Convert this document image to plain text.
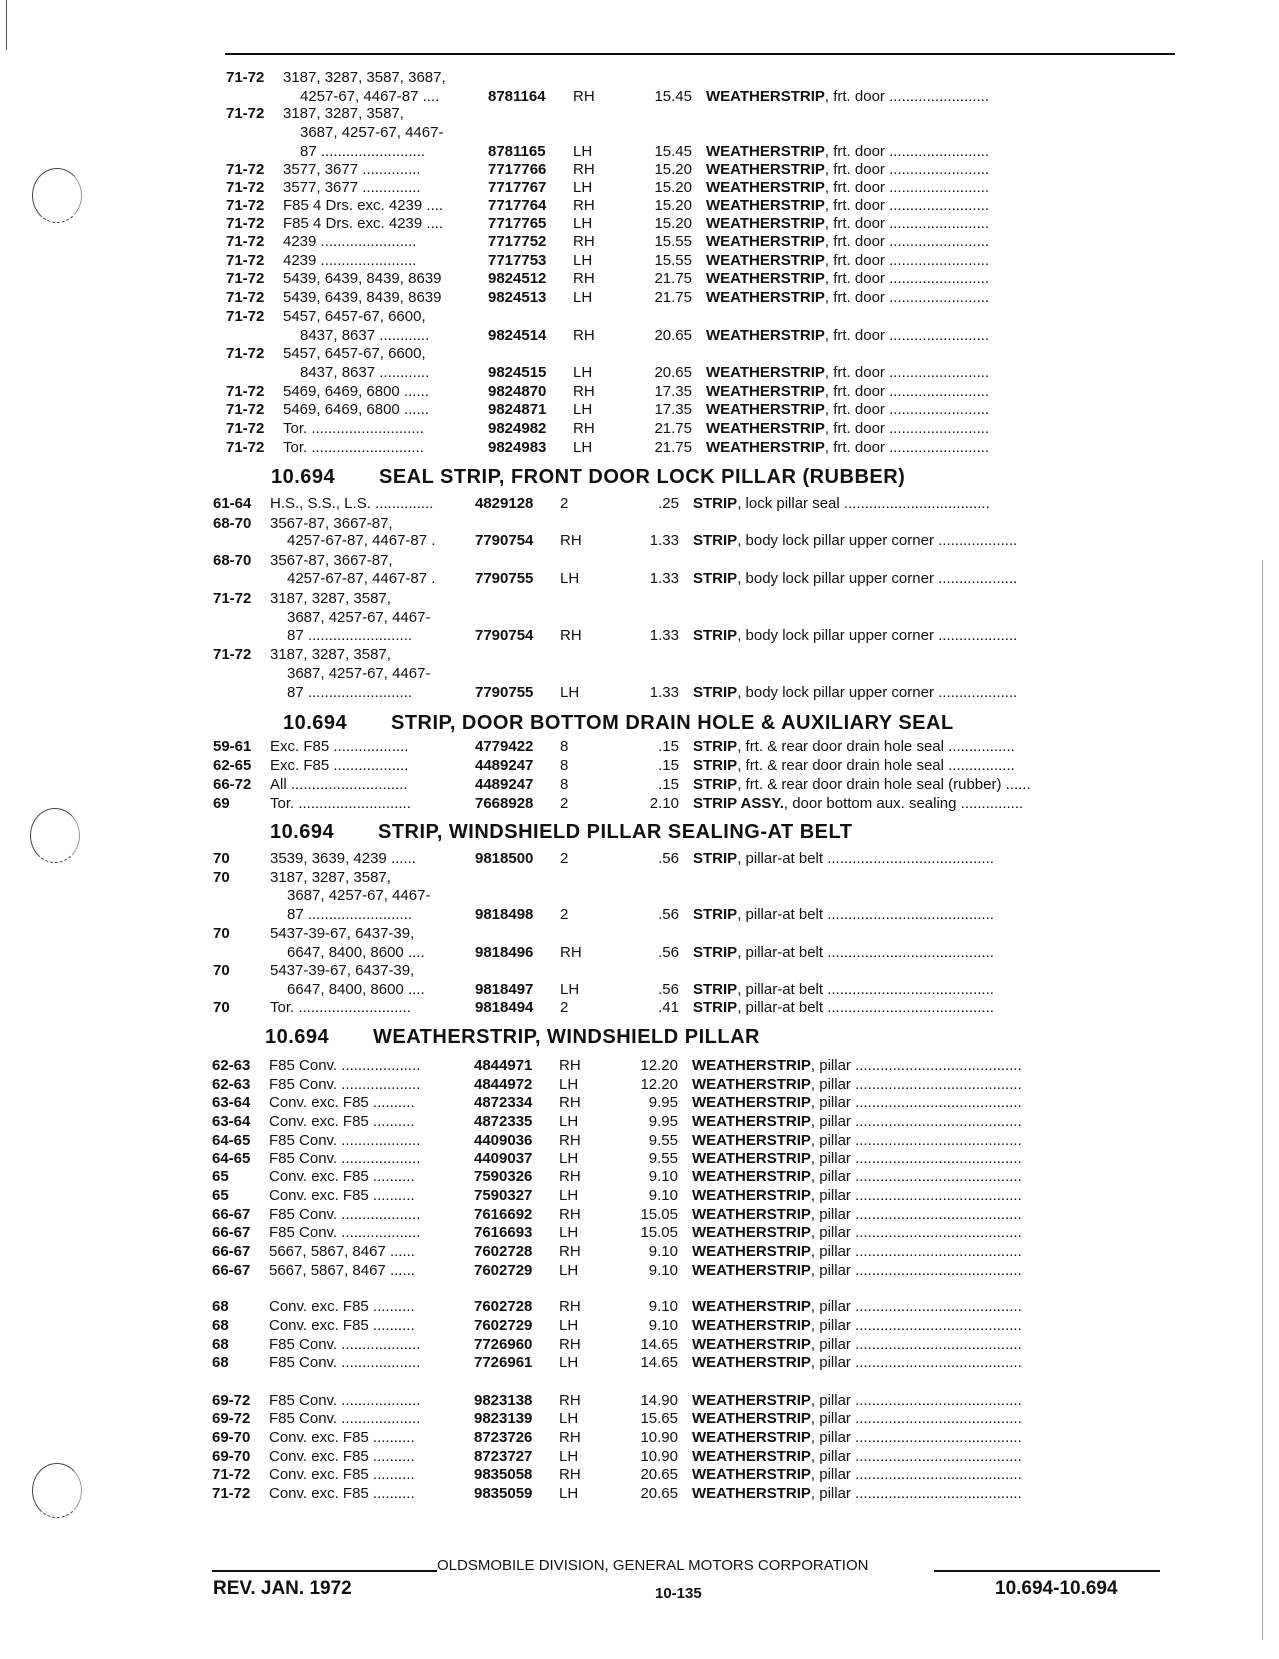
71-72	3187, 3287, 3587, 3687,
4257-67, 4467-87 ....	8781164	RH	15.45 WEATHERSTRIP, frt. door ........................
71-72	3187, 3287, 3587,
3687, 4257-67, 4467-
87 .........................	8781165	LH	15.45 WEATHERSTRIP, frt. door ........................
71-72	3577, 3677 ..............	7717766	RH	15.20 WEATHERSTRIP, frt. door ........................
71-72	3577, 3677 ..............	7717767	LH	15.20 WEATHERSTRIP, frt. door ........................
71-72	F85 4 Drs. exc. 4239 ....	7717764	RH	15.20 WEATHERSTRIP, frt. door ........................
71-72	F85 4 Drs. exc. 4239 ....	7717765	LH	15.20 WEATHERSTRIP, frt. door ........................
71-72	4239 .......................	7717752	RH	15.55 WEATHERSTRIP, frt. door ........................
71-72	4239 .......................	7717753	LH	15.55 WEATHERSTRIP, frt. door ........................
71-72	5439, 6439, 8439, 8639	9824512	RH	21.75 WEATHERSTRIP, frt. door ........................
71-72	5439, 6439, 8439, 8639	9824513	LH	21.75 WEATHERSTRIP, frt. door ........................
71-72	5457, 6457-67, 6600,
8437, 8637 ............	9824514	RH	20.65 WEATHERSTRIP, frt. door ........................
71-72	5457, 6457-67, 6600,
8437, 8637 ............	9824515	LH	20.65 WEATHERSTRIP, frt. door ........................
71-72	5469, 6469, 6800 ......	9824870	RH	17.35 WEATHERSTRIP, frt. door ........................
71-72	5469, 6469, 6800 ......	9824871	LH	17.35 WEATHERSTRIP, frt. door ........................
71-72	Tor. ...........................	9824982	RH	21.75 WEATHERSTRIP, frt. door ........................
71-72	Tor. ...........................	9824983	LH	21.75 WEATHERSTRIP, frt. door ........................
10.694 SEAL STRIP, FRONT DOOR LOCK PILLAR (RUBBER)
61-64	H.S., S.S., L.S. ..............	4829128	2	.25 STRIP, lock pillar seal ...................................
68-70	3567-87, 3667-87,
4257-67-87, 4467-87 .	7790754	RH	1.33 STRIP, body lock pillar upper corner ...................
68-70	3567-87, 3667-87,
4257-67-87, 4467-87 .	7790755	LH	1.33 STRIP, body lock pillar upper corner ...................
71-72	3187, 3287, 3587,
3687, 4257-67, 4467-
87 .........................	7790754	RH	1.33 STRIP, body lock pillar upper corner ...................
71-72	3187, 3287, 3587,
3687, 4257-67, 4467-
87 .........................	7790755	LH	1.33 STRIP, body lock pillar upper corner ...................
10.694 STRIP, DOOR BOTTOM DRAIN HOLE & AUXILIARY SEAL
59-61	Exc. F85 ..................	4779422	8	.15 STRIP, frt. & rear door drain hole seal ................
62-65	Exc. F85 ..................	4489247	8	.15 STRIP, frt. & rear door drain hole seal ................
66-72	All ............................	4489247	8	.15 STRIP, frt. & rear door drain hole seal (rubber) ......
69	Tor. ...........................	7668928	2	2.10 STRIP ASSY., door bottom aux. sealing ...............
10.694 STRIP, WINDSHIELD PILLAR SEALING-AT BELT
70	3539, 3639, 4239 ......	9818500	2	.56 STRIP, pillar-at belt ........................................
70	3187, 3287, 3587,
3687, 4257-67, 4467-
87 .........................	9818498	2	.56 STRIP, pillar-at belt ........................................
70	5437-39-67, 6437-39,
6647, 8400, 8600 ....	9818496	RH	.56 STRIP, pillar-at belt ........................................
70	5437-39-67, 6437-39,
6647, 8400, 8600 ....	9818497	LH	.56 STRIP, pillar-at belt ........................................
70	Tor. ...........................	9818494	2	.41 STRIP, pillar-at belt ........................................
10.694 WEATHERSTRIP, WINDSHIELD PILLAR
62-63	F85 Conv. ...................	4844971	RH	12.20 WEATHERSTRIP, pillar ........................................
62-63	F85 Conv. ...................	4844972	LH	12.20 WEATHERSTRIP, pillar ........................................
63-64	Conv. exc. F85 ..........	4872334	RH	9.95 WEATHERSTRIP, pillar ........................................
63-64	Conv. exc. F85 ..........	4872335	LH	9.95 WEATHERSTRIP, pillar ........................................
64-65	F85 Conv. ...................	4409036	RH	9.55 WEATHERSTRIP, pillar ........................................
64-65	F85 Conv. ...................	4409037	LH	9.55 WEATHERSTRIP, pillar ........................................
65	Conv. exc. F85 ..........	7590326	RH	9.10 WEATHERSTRIP, pillar ........................................
65	Conv. exc. F85 ..........	7590327	LH	9.10 WEATHERSTRIP, pillar ........................................
66-67	F85 Conv. ...................	7616692	RH	15.05 WEATHERSTRIP, pillar ........................................
66-67	F85 Conv. ...................	7616693	LH	15.05 WEATHERSTRIP, pillar ........................................
66-67	5667, 5867, 8467 ......	7602728	RH	9.10 WEATHERSTRIP, pillar ........................................
66-67	5667, 5867, 8467 ......	7602729	LH	9.10 WEATHERSTRIP, pillar ........................................
68	Conv. exc. F85 ..........	7602728	RH	9.10 WEATHERSTRIP, pillar ........................................
68	Conv. exc. F85 ..........	7602729	LH	9.10 WEATHERSTRIP, pillar ........................................
68	F85 Conv. ...................	7726960	RH	14.65 WEATHERSTRIP, pillar ........................................
68	F85 Conv. ...................	7726961	LH	14.65 WEATHERSTRIP, pillar ........................................
69-72	F85 Conv. ...................	9823138	RH	14.90 WEATHERSTRIP, pillar ........................................
69-72	F85 Conv. ...................	9823139	LH	15.65 WEATHERSTRIP, pillar ........................................
69-70	Conv. exc. F85 ..........	8723726	RH	10.90 WEATHERSTRIP, pillar ........................................
69-70	Conv. exc. F85 ..........	8723727	LH	10.90 WEATHERSTRIP, pillar ........................................
71-72	Conv. exc. F85 ..........	9835058	RH	20.65 WEATHERSTRIP, pillar ........................................
71-72	Conv. exc. F85 ..........	9835059	LH	20.65 WEATHERSTRIP, pillar ........................................
OLDSMOBILE DIVISION, GENERAL MOTORS CORPORATION
REV. JAN. 1972	10-135	10.694-10.694
